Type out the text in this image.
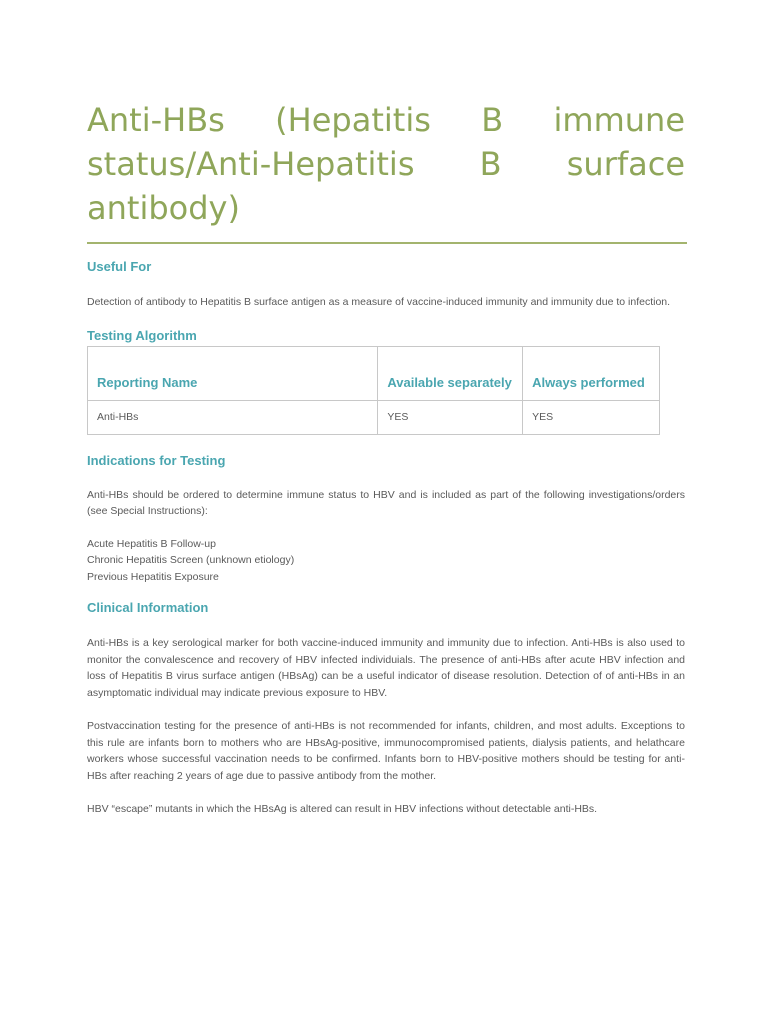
Anti-HBs (Hepatitis B immune status/Anti-Hepatitis B surface antibody)
Useful For

Detection of antibody to Hepatitis B surface antigen as a measure of vaccine-induced immunity and immunity due to infection.

Testing Algorithm
Reporting Name	Available separately	Always performed
Anti-HBs	YES	YES
Indications for Testing

Anti-HBs should be ordered to determine immune status to HBV and is included as part of the following investigations/orders (see Special Instructions):

Acute Hepatitis B Follow-up
Chronic Hepatitis Screen (unknown etiology)
Previous Hepatitis Exposure
Clinical Information

Anti-HBs is a key serological marker for both vaccine-induced immunity and immunity due to infection. Anti-HBs is also used to monitor the convalescence and recovery of HBV infected individuials. The presence of anti-HBs after acute HBV infection and loss of Hepatitis B virus surface antigen (HBsAg) can be a useful indicator of disease resolution. Detection of of anti-HBs in an asymptomatic individual may indicate previous exposure to HBV.

Postvaccination testing for the presence of anti-HBs is not recommended for infants, children, and most adults. Exceptions to this rule are infants born to mothers who are HBsAg-positive, immunocompromised patients, dialysis patients, and helathcare workers whose successful vaccination needs to be confirmed. Infants born to HBV-positive mothers should be testing for anti-HBs after reaching 2 years of age due to passive antibody from the mother.

HBV “escape” mutants in which the HBsAg is altered can result in HBV infections without detectable anti-HBs.
